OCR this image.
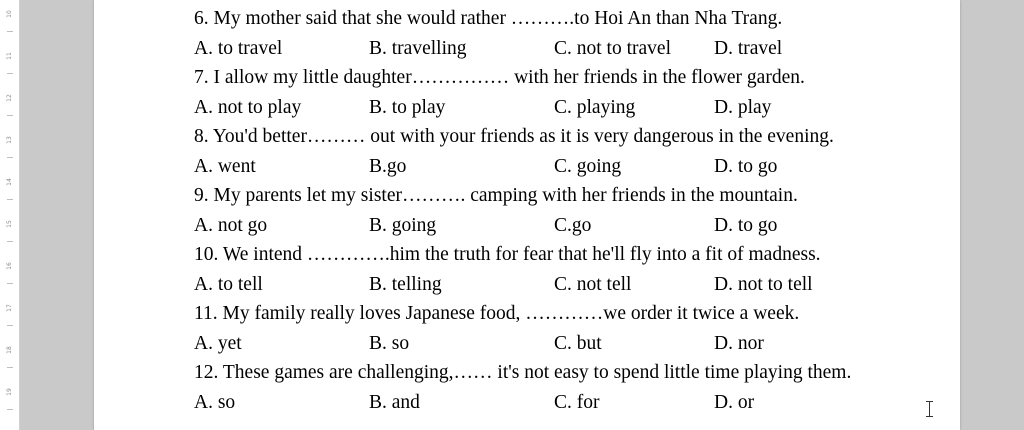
10
11
12
13
14
15
16
17
18
19
6. My mother said that she would rather ……….to Hoi An than Nha Trang.
A. to travel	B. travelling	C. not to travel	D. travel
7. I allow my little daughter…………… with her friends in the flower garden.
A. not to play	B. to play	C. playing	D. play
8. You'd better……… out with your friends as it is very dangerous in the evening.
A. went	B.go	C. going	D. to go
9. My parents let my sister………. camping with her friends in the mountain.
A. not go	B. going	C.go	D. to go
10. We intend ………….him the truth for fear that he'll fly into a fit of madness.
A. to tell	B. telling	C. not tell	D. not to tell
11. My family really loves Japanese food, …………we order it twice a week.
A. yet	B. so	C. but	D. nor
12. These games are challenging,…… it's not easy to spend little time playing them.
A. so	B. and	C. for	D. or
